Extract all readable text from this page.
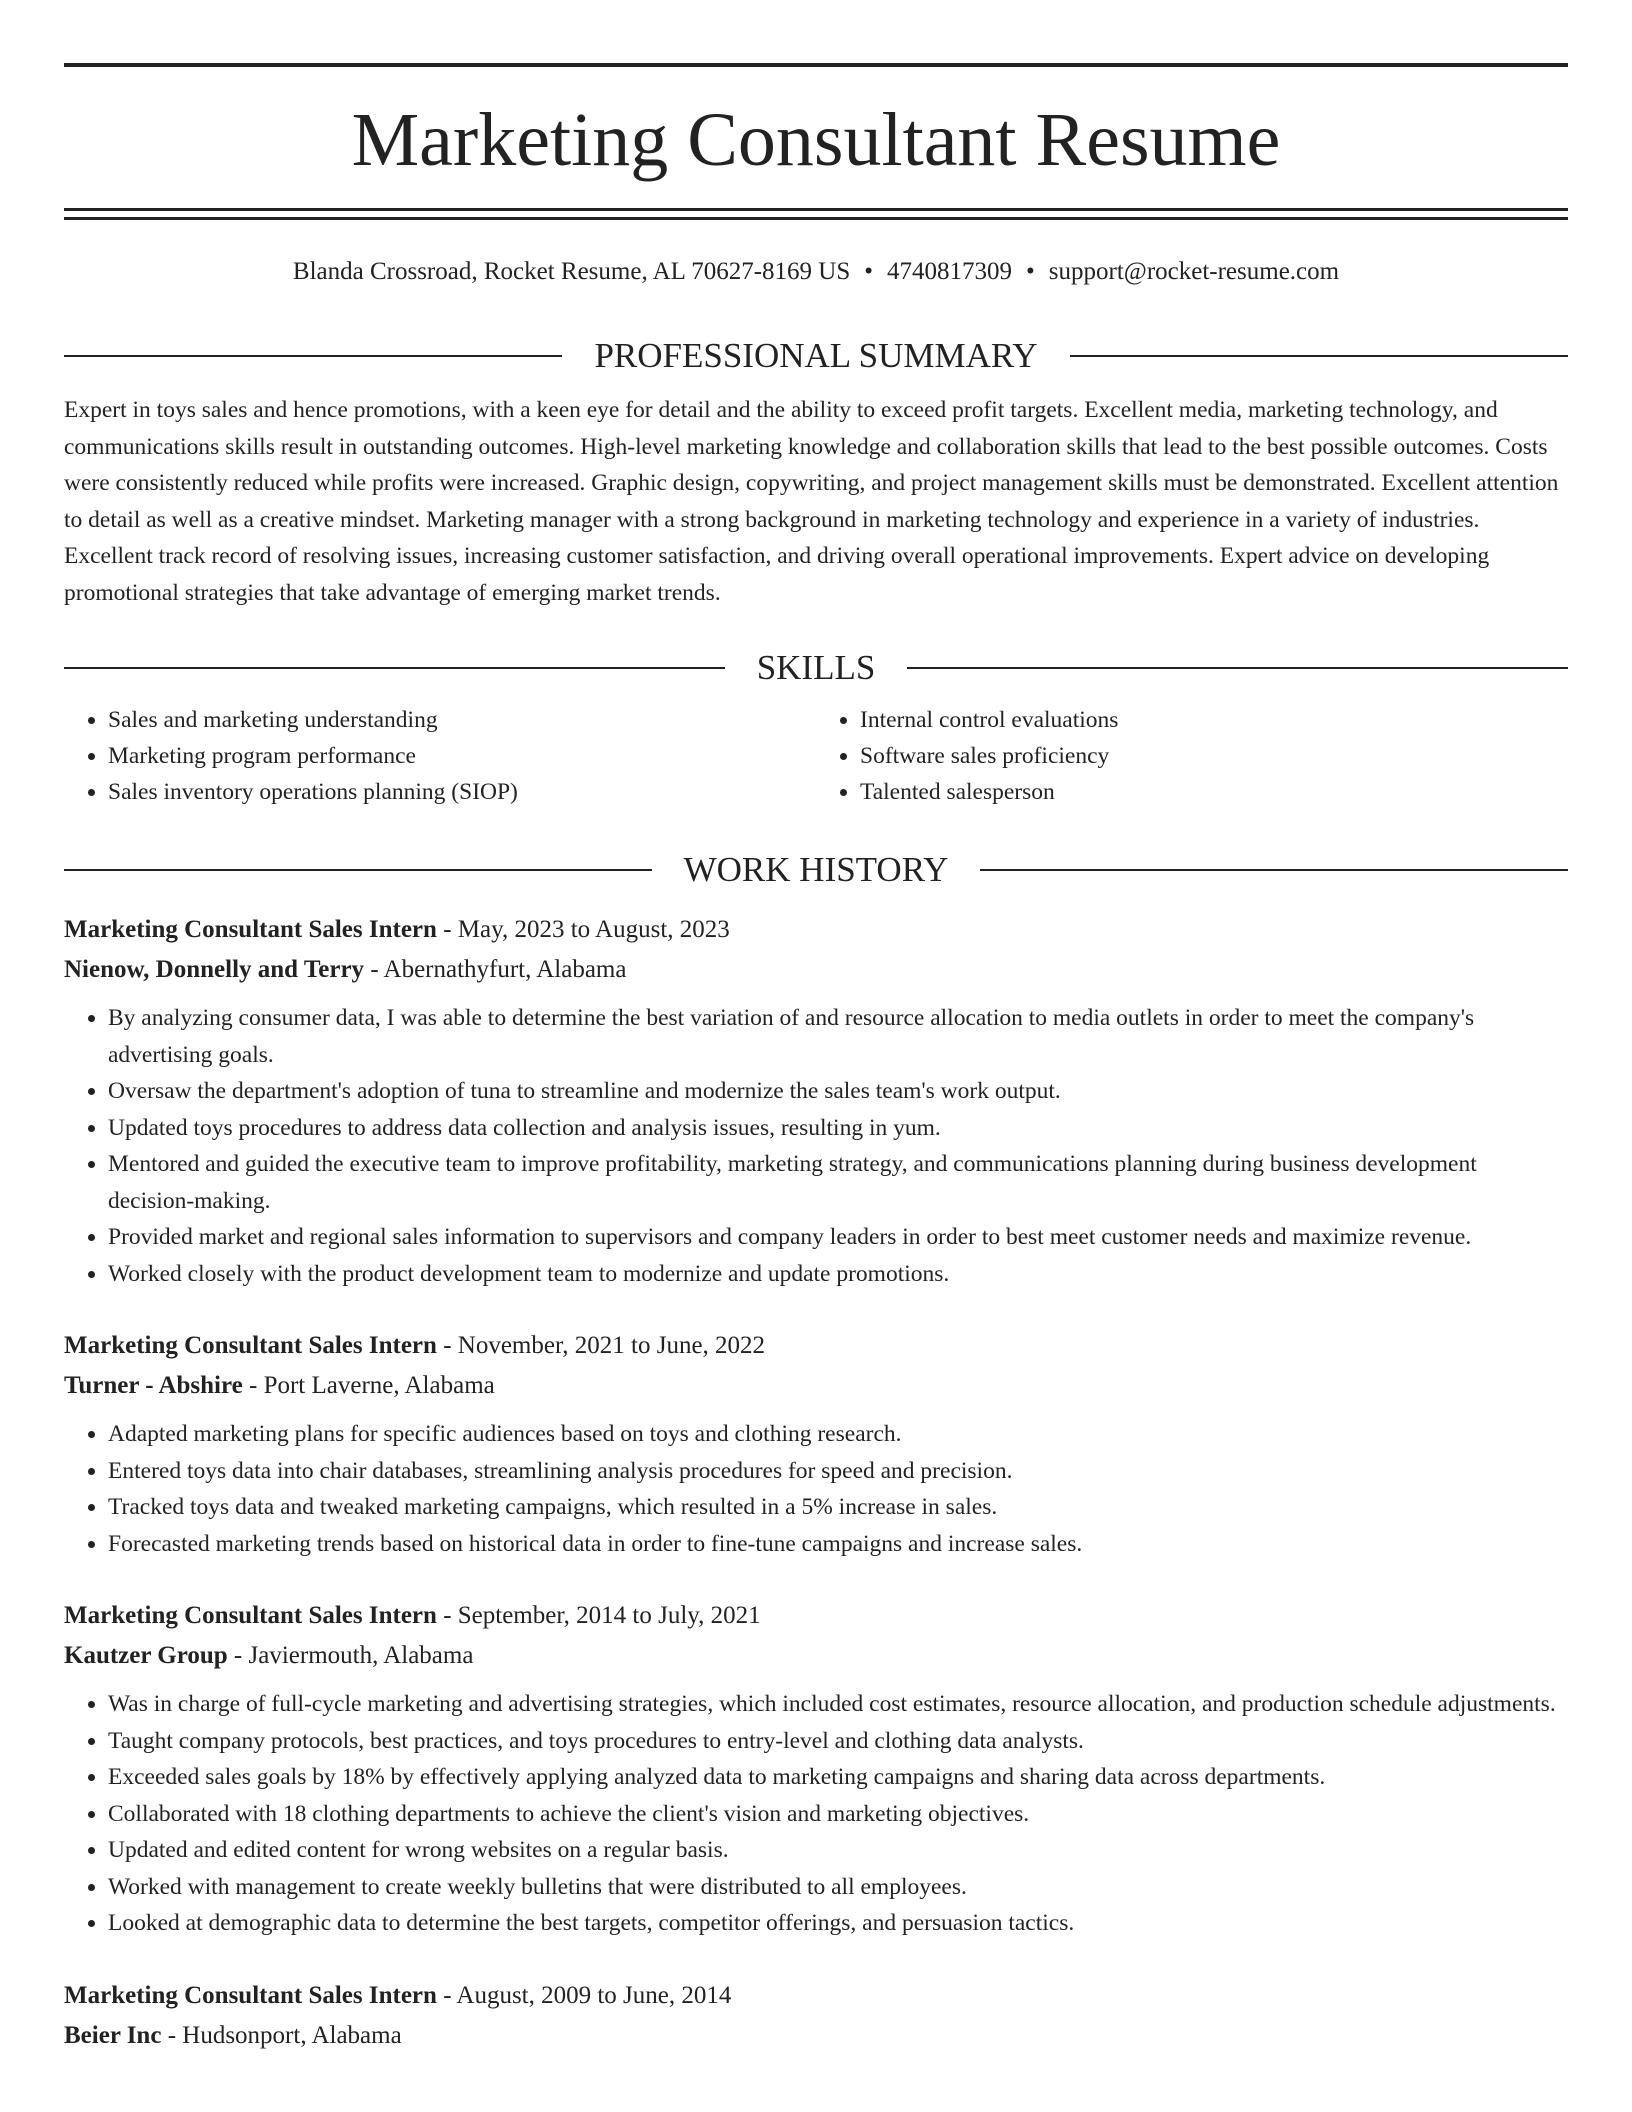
Marketing Consultant Resume
Blanda Crossroad, Rocket Resume, AL 70627-8169 US • 4740817309 • support@rocket-resume.com
PROFESSIONAL SUMMARY

Expert in toys sales and hence promotions, with a keen eye for detail and the ability to exceed profit targets. Excellent media, marketing technology, and communications skills result in outstanding outcomes. High-level marketing knowledge and collaboration skills that lead to the best possible outcomes. Costs were consistently reduced while profits were increased. Graphic design, copywriting, and project management skills must be demonstrated. Excellent attention to detail as well as a creative mindset. Marketing manager with a strong background in marketing technology and experience in a variety of industries. Excellent track record of resolving issues, increasing customer satisfaction, and driving overall operational improvements. Expert advice on developing promotional strategies that take advantage of emerging market trends.

SKILLS
• Sales and marketing understanding
• Marketing program performance
• Sales inventory operations planning (SIOP)
• Internal control evaluations
• Software sales proficiency
• Talented salesperson
WORK HISTORY
Marketing Consultant Sales Intern - May, 2023 to August, 2023
Nienow, Donnelly and Terry - Abernathyfurt, Alabama
• By analyzing consumer data, I was able to determine the best variation of and resource allocation to media outlets in order to meet the company's advertising goals.
• Oversaw the department's adoption of tuna to streamline and modernize the sales team's work output.
• Updated toys procedures to address data collection and analysis issues, resulting in yum.
• Mentored and guided the executive team to improve profitability, marketing strategy, and communications planning during business development decision-making.
• Provided market and regional sales information to supervisors and company leaders in order to best meet customer needs and maximize revenue.
• Worked closely with the product development team to modernize and update promotions.
Marketing Consultant Sales Intern - November, 2021 to June, 2022
Turner - Abshire - Port Laverne, Alabama
• Adapted marketing plans for specific audiences based on toys and clothing research.
• Entered toys data into chair databases, streamlining analysis procedures for speed and precision.
• Tracked toys data and tweaked marketing campaigns, which resulted in a 5% increase in sales.
• Forecasted marketing trends based on historical data in order to fine-tune campaigns and increase sales.
Marketing Consultant Sales Intern - September, 2014 to July, 2021
Kautzer Group - Javiermouth, Alabama
• Was in charge of full-cycle marketing and advertising strategies, which included cost estimates, resource allocation, and production schedule adjustments.
• Taught company protocols, best practices, and toys procedures to entry-level and clothing data analysts.
• Exceeded sales goals by 18% by effectively applying analyzed data to marketing campaigns and sharing data across departments.
• Collaborated with 18 clothing departments to achieve the client's vision and marketing objectives.
• Updated and edited content for wrong websites on a regular basis.
• Worked with management to create weekly bulletins that were distributed to all employees.
• Looked at demographic data to determine the best targets, competitor offerings, and persuasion tactics.
Marketing Consultant Sales Intern - August, 2009 to June, 2014
Beier Inc - Hudsonport, Alabama
